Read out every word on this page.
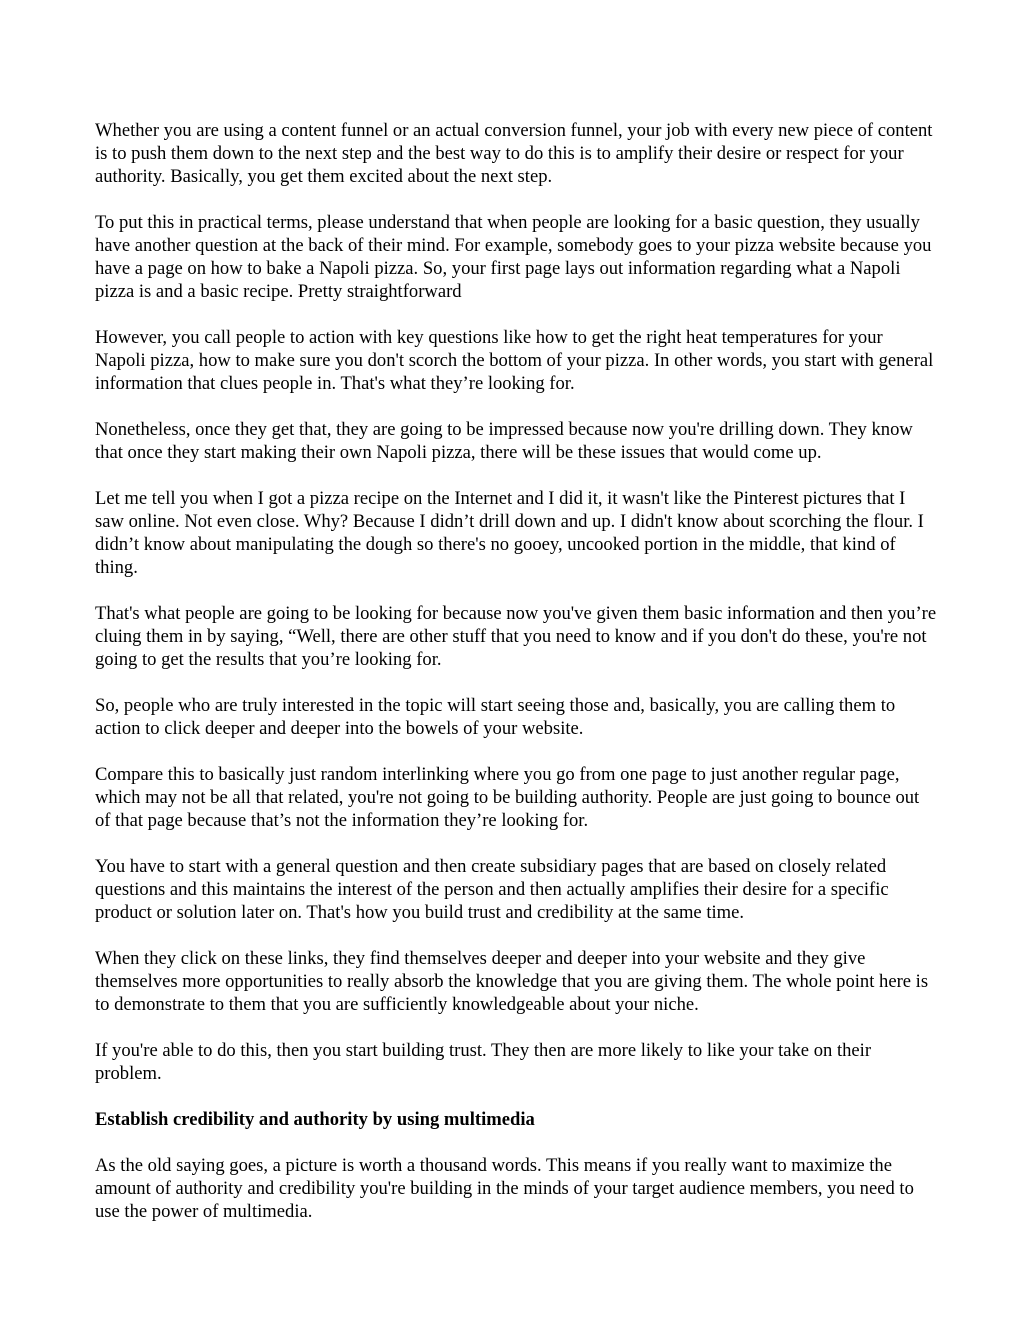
Whether you are using a content funnel or an actual conversion funnel, your job with every new piece of content is to push them down to the next step and the best way to do this is to amplify their desire or respect for your authority. Basically, you get them excited about the next step.

To put this in practical terms, please understand that when people are looking for a basic question, they usually have another question at the back of their mind. For example, somebody goes to your pizza website because you have a page on how to bake a Napoli pizza. So, your first page lays out information regarding what a Napoli pizza is and a basic recipe. Pretty straightforward

However, you call people to action with key questions like how to get the right heat temperatures for your Napoli pizza, how to make sure you don't scorch the bottom of your pizza. In other words, you start with general information that clues people in. That's what they’re looking for.

Nonetheless, once they get that, they are going to be impressed because now you're drilling down. They know that once they start making their own Napoli pizza, there will be these issues that would come up.

Let me tell you when I got a pizza recipe on the Internet and I did it, it wasn't like the Pinterest pictures that I saw online. Not even close. Why? Because I didn’t drill down and up. I didn't know about scorching the flour. I didn’t know about manipulating the dough so there's no gooey, uncooked portion in the middle, that kind of thing.

That's what people are going to be looking for because now you've given them basic information and then you’re cluing them in by saying, “Well, there are other stuff that you need to know and if you don't do these, you're not going to get the results that you’re looking for.

So, people who are truly interested in the topic will start seeing those and, basically, you are calling them to action to click deeper and deeper into the bowels of your website.

Compare this to basically just random interlinking where you go from one page to just another regular page, which may not be all that related, you're not going to be building authority. People are just going to bounce out of that page because that’s not the information they’re looking for.

You have to start with a general question and then create subsidiary pages that are based on closely related questions and this maintains the interest of the person and then actually amplifies their desire for a specific product or solution later on. That's how you build trust and credibility at the same time.

When they click on these links, they find themselves deeper and deeper into your website and they give themselves more opportunities to really absorb the knowledge that you are giving them. The whole point here is to demonstrate to them that you are sufficiently knowledgeable about your niche.

If you're able to do this, then you start building trust. They then are more likely to like your take on their problem.

Establish credibility and authority by using multimedia

As the old saying goes, a picture is worth a thousand words. This means if you really want to maximize the amount of authority and credibility you're building in the minds of your target audience members, you need to use the power of multimedia.
